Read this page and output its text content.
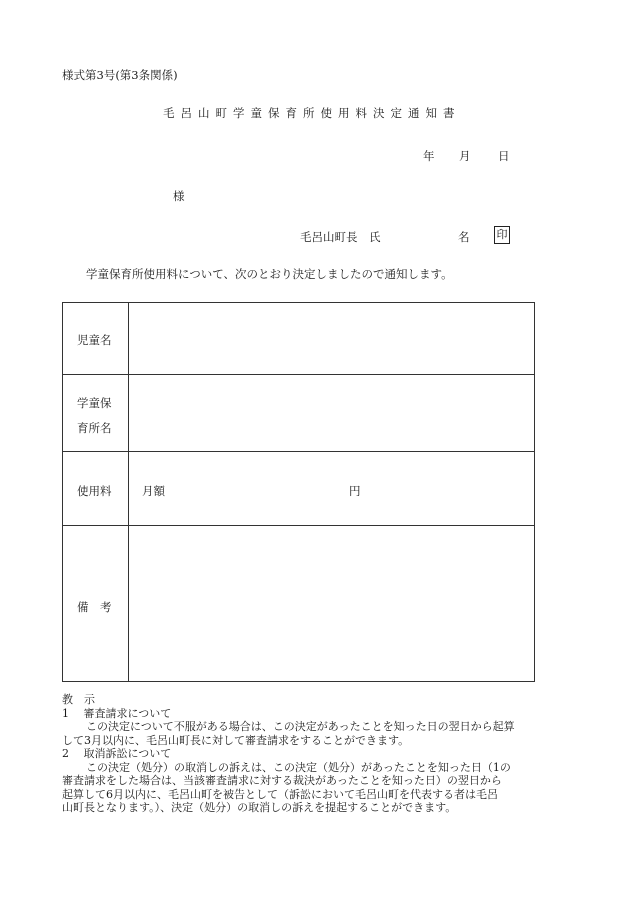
様式第3号(第3条関係)
毛呂山町学童保育所使用料決定通知書
年 月 日
様
毛呂山町長　氏	名 印
学童保育所使用料について、次のとおり決定しましたので通知します。
児童名
学童保
育所名
使用料	月額	円
備　考
教　示
1　 審査請求について
この決定について不服がある場合は、この決定があったことを知った日の翌日から起算
して3月以内に、毛呂山町長に対して審査請求をすることができます。
2　 取消訴訟について
この決定（処分）の取消しの訴えは、この決定（処分）があったことを知った日（1の
審査請求をした場合は、当該審査請求に対する裁決があったことを知った日）の翌日から
起算して6月以内に、毛呂山町を被告として（訴訟において毛呂山町を代表する者は毛呂
山町長となります。）、決定（処分）の取消しの訴えを提起することができます。
